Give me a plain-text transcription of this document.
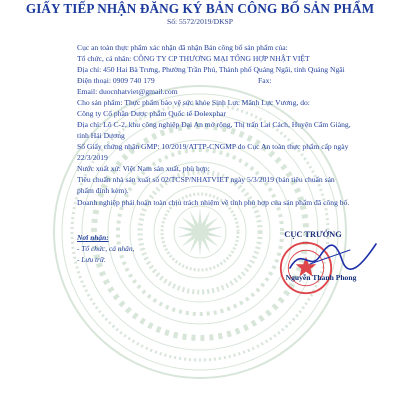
GIẤY TIẾP NHẬN ĐĂNG KÝ BẢN CÔNG BỐ SẢN PHẨM
Số: 5572/2019/DKSP
Cục an toàn thực phẩm xác nhận đã nhận Bản công bố sản phẩm của:
Tổ chức, cá nhân: CÔNG TY CP THƯƠNG MẠI TỔNG HỢP NHẬT VIỆT
Địa chỉ: 450 Hai Bà Trưng, Phường Trần Phú, Thành phố Quảng Ngãi, tỉnh Quảng Ngãi
Điện thoại: 0909 740 179	Fax:
Email: duocnhatviet@gmail.com
Cho sản phẩm: Thực phẩm bảo vệ sức khỏe Sinh Lực Mãnh Lực Vương, do:
Công ty Cổ phần Dược phẩm Quốc tế Dolexphar
Địa chỉ: Lô C-2, khu công nghiệp Đại An mở rộng, Thị trấn Lai Cách, Huyện Cẩm Giàng,
tỉnh Hải Dương
Số Giấy chứng nhận GMP: 10/2019/ATTP-CNGMP do Cục An toàn thực phẩm cấp ngày
22/3/2019
Nước xuất xứ: Việt Nam sản xuất, phù hợp:
Tiêu chuẩn nhà sản xuất số 02/TCSP/NHATVIET ngày 5/3/2019 (bản tiêu chuẩn sản
phẩm đính kèm).
Doanh nghiệp phải hoàn toàn chịu trách nhiệm về tính phù hợp của sản phẩm đã công bố.
Nơi nhận:
- Tổ chức, cá nhân,
- Lưu trữ.
CỤC TRƯỞNG
Nguyễn Thanh Phong
